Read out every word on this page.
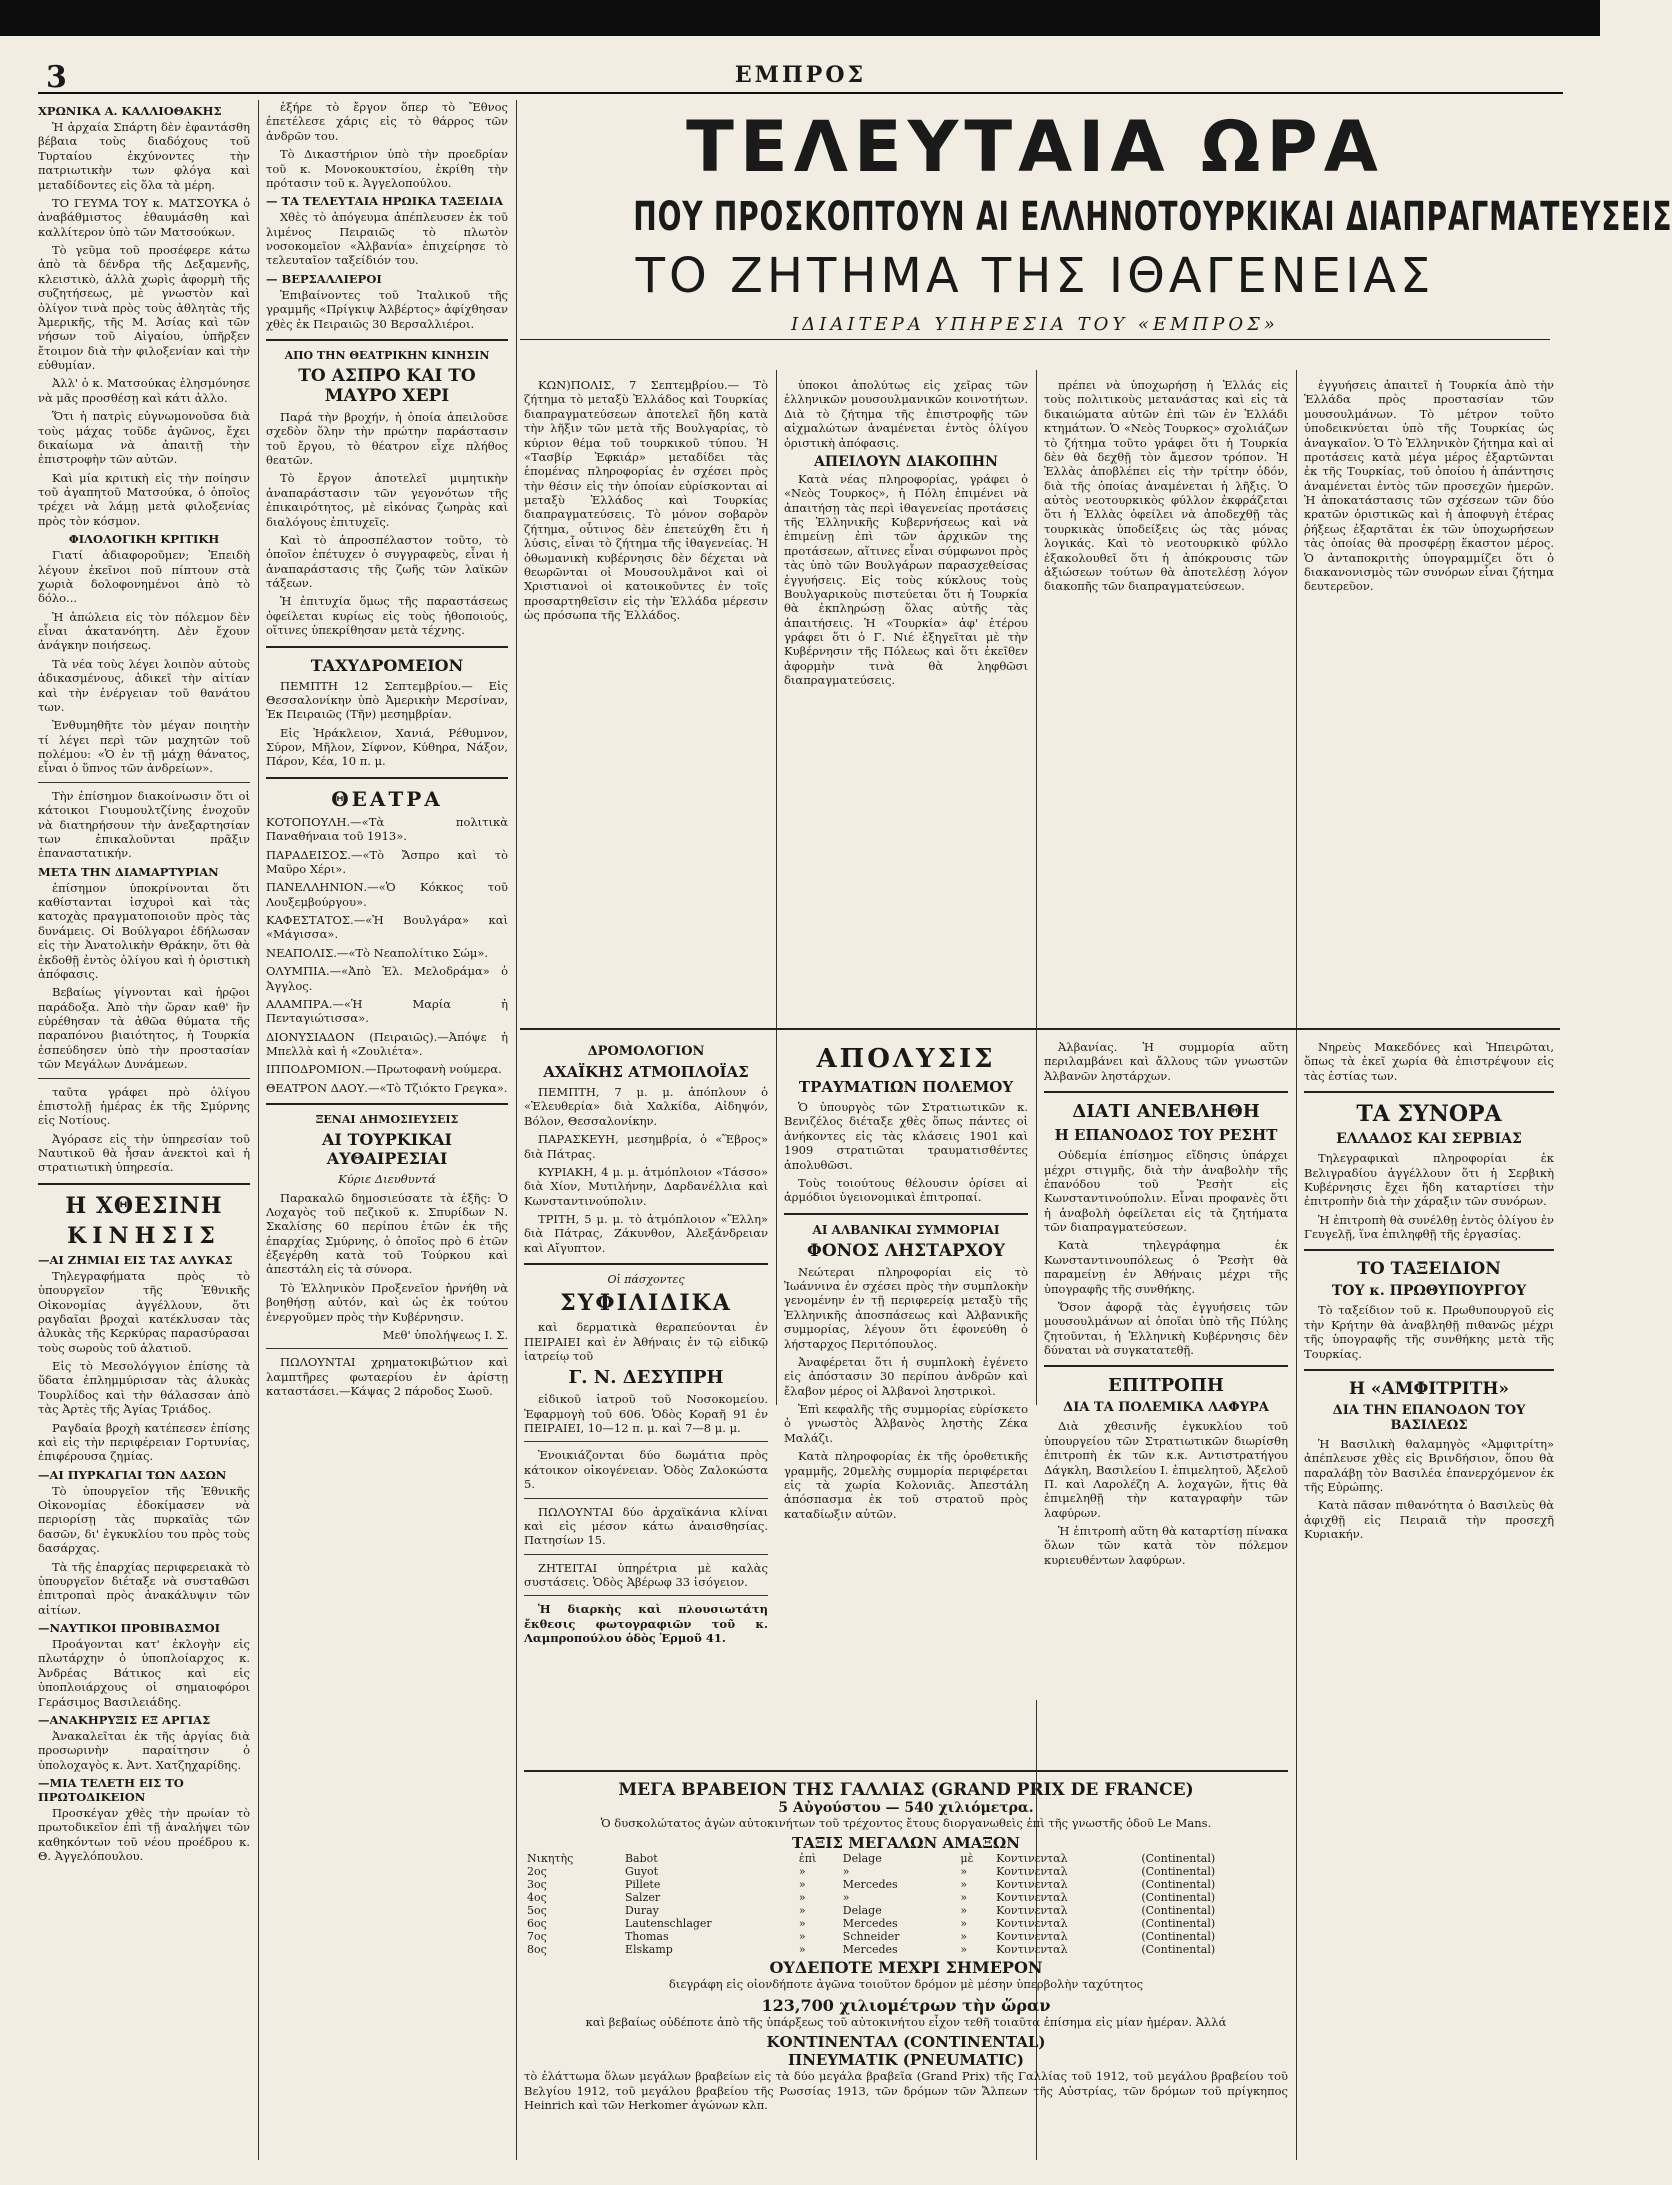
3	ΕΜΠΡΟΣ
ΧΡΩΝΙΚΑ Α. ΚΑΛΛΙΟΘΑΚΗΣ

Ἡ ἀρχαία Σπάρτη δὲν ἐφαντάσθη βέβαια τοὺς διαδόχους τοῦ Τυρταίου ἐκχύνοντες τὴν πατριωτικὴν των φλόγα καὶ μεταδίδοντες εἰς ὅλα τὰ μέρη.

ΤΟ ΓΕΥΜΑ ΤΟΥ κ. ΜΑΤΣΟΥΚΑ ὁ ἀναβάθμιστος ἐθαυμάσθη καὶ καλλίτερον ὑπὸ τῶν Ματσούκων.

Τὸ γεῦμα τοῦ προσέφερε κάτω ἀπὸ τὰ δένδρα τῆς Δεξαμενῆς, κλειστικὸ, ἀλλὰ χωρὶς ἀφορμὴ τῆς συζητήσεως, μὲ γνωστὸν καὶ ὀλίγον τινὰ πρὸς τοὺς ἀθλητὰς τῆς Ἀμερικῆς, τῆς Μ. Ἀσίας καὶ τῶν νήσων τοῦ Αἰγαίου, ὑπῆρξεν ἔτοιμον διὰ τὴν φιλοξενίαν καὶ τὴν εὐθυμίαν.

Ἀλλ' ὁ κ. Ματσούκας ἐλησμόνησε νὰ μᾶς προσθέσῃ καὶ κάτι ἀλλο.

Ὅτι ἡ πατρὶς εὐγνωμονοῦσα διὰ τοὺς μάχας τοῦδε ἀγῶνος, ἔχει δικαίωμα νὰ ἀπαιτῇ τὴν ἐπιστροφὴν τῶν αὐτῶν.

Καὶ μία κριτικὴ εἰς τὴν ποίησιν τοῦ ἀγαπητοῦ Ματσούκα, ὁ ὁποῖος τρέχει νὰ λάμῃ μετὰ φιλοξενίας πρὸς τὸν κόσμον.

ΦΙΛΟΛΟΓΙΚΗ ΚΡΙΤΙΚΗ

Γιατί ἀδιαφοροῦμεν; Ἐπειδὴ λέγουν ἐκεῖνοι ποῦ πίπτουν στὰ χωριὰ δολοφονημένοι ἀπὸ τὸ δόλο...

Ἡ ἀπώλεια εἰς τὸν πόλεμον δὲν εἶναι ἀκατανόητη. Δὲν ἔχουν ἀνάγκην ποιήσεως.

Τὰ νέα τοὺς λέγει λοιπὸν αὐτοὺς ἀδικασμένους, ἀδικεῖ τὴν αἰτίαν καὶ τὴν ἐνέργειαν τοῦ θανάτου των.

Ἐνθυμηθῆτε τὸν μέγαν ποιητὴν τί λέγει περὶ τῶν μαχητῶν τοῦ πολέμου: «Ὁ ἐν τῇ μάχῃ θάνατος, εἶναι ὁ ὕπνος τῶν ἀνδρείων».

Τὴν ἐπίσημον διακοίνωσιν ὅτι οἱ κάτοικοι Γιουμουλτζίνης ἐνοχοῦν νὰ διατηρήσουν τὴν ἀνεξαρτησίαν των ἐπικαλοῦνται πρᾶξιν ἐπαναστατικήν.

ΜΕΤΑ ΤΗΝ ΔΙΑΜΑΡΤΥΡΙΑΝ

ἐπίσημον ὑποκρίνονται ὅτι καθίστανται ἰσχυροὶ καὶ τὰς κατοχὰς πραγματοποιοῦν πρὸς τὰς δυνάμεις. Οἱ Βούλγαροι ἐδήλωσαν εἰς τὴν Ἀνατολικὴν Θράκην, ὅτι θὰ ἐκδοθῇ ἐντὸς ὀλίγου καὶ ἡ ὁριστικὴ ἀπόφασις.

Βεβαίως γίγνονται καὶ ἡρῷοι παράδοξα. Ἀπὸ τὴν ὥραν καθ' ἣν εὑρέθησαν τὰ ἀθῶα θύματα τῆς παραπόνου βιαιότητος, ἡ Τουρκία ἐσπεύδησεν ὑπὸ τὴν προστασίαν τῶν Μεγάλων Δυνάμεων.

ταῦτα γράφει πρὸ ὀλίγου ἐπιστολῇ ἡμέρας ἐκ τῆς Σμύρνης εἰς Νοτίους.

Ἀγόρασε εἰς τὴν ὑπηρεσίαν τοῦ Ναυτικοῦ θὰ ἦσαν ἀνεκτοὶ καὶ ἡ στρατιωτικὴ ὑπηρεσία.

Η ΧΘΕΣΙΝΗ
ΚΙΝΗΣΙΣ
—ΑΙ ΖΗΜΙΑΙ ΕΙΣ ΤΑΣ ΑΛΥΚΑΣ

Τηλεγραφήματα πρὸς τὸ ὑπουργεῖον τῆς Ἐθνικῆς Οἰκονομίας ἀγγέλλουν, ὅτι ραγδαῖαι βροχαὶ κατέκλυσαν τὰς ἀλυκὰς τῆς Κερκύρας παρασύρασαι τοὺς σωροὺς τοῦ ἁλατιοῦ.

Εἰς τὸ Μεσολόγγιον ἐπίσης τὰ ὕδατα ἐπλημμύρισαν τὰς ἀλυκὰς Τουρλίδος καὶ τὴν θάλασσαν ἀπὸ τὰς Ἀρτὲς τῆς Ἀγίας Τριάδος.

Ραγδαία βροχὴ κατέπεσεν ἐπίσης καὶ εἰς τὴν περιφέρειαν Γορτυνίας, ἐπιφέρουσα ζημίας.

—ΑΙ ΠΥΡΚΑΓΙΑΙ ΤΩΝ ΔΑΣΩΝ

Τὸ ὑπουργεῖον τῆς Ἐθνικῆς Οἰκονομίας ἐδοκίμασεν νὰ περιορίσῃ τὰς πυρκαϊὰς τῶν δασῶν, δι' ἐγκυκλίου του πρὸς τοὺς δασάρχας.

Τὰ τῆς ἐπαρχίας περιφερειακὰ τὸ ὑπουργεῖον διέταξε νὰ συσταθῶσι ἐπιτροπαὶ πρὸς ἀνακάλυψιν τῶν αἰτίων.

—ΝΑΥΤΙΚΟΙ ΠΡΟΒΙΒΑΣΜΟΙ

Προάγονται κατ' ἐκλογὴν εἰς πλωτάρχην ὁ ὑποπλοίαρχος κ. Ἀνδρέας Βάτικος καὶ εἰς ὑποπλοιάρχους οἱ σημαιοφόροι Γεράσιμος Βασιλειάδης.

—ΑΝΑΚΗΡΥΞΙΣ ΕΞ ΑΡΓΙΑΣ

Ἀνακαλεῖται ἐκ τῆς ἀργίας διὰ προσωρινὴν παραίτησιν ὁ ὑπολοχαγὸς κ. Ἀντ. Χατζηχαρίδης.

—ΜΙΑ ΤΕΛΕΤΗ ΕΙΣ ΤΟ ΠΡΩΤΟΔΙΚΕΙΟΝ

Προσκέγαν χθὲς τὴν πρωίαν τὸ πρωτοδικεῖον ἐπὶ τῇ ἀναλήψει τῶν καθηκόντων τοῦ νέου προέδρου κ. Θ. Ἀγγελόπουλου.

ἐξήρε τὸ ἔργον ὅπερ τὸ Ἔθνος ἐπετέλεσε χάρις εἰς τὸ θάρρος τῶν ἀνδρῶν του.

Τὸ Δικαστήριον ὑπὸ τὴν προεδρίαν τοῦ κ. Μονοκουκτσίου, ἐκρίθη τὴν πρότασιν τοῦ κ. Ἀγγελοπούλου.

— ΤΑ ΤΕΛΕΥΤΑΙΑ ΗΡΩΙΚΑ ΤΑΞΕΙΔΙΑ

Χθὲς τὸ ἀπόγευμα ἀπέπλευσεν ἐκ τοῦ λιμένος Πειραιῶς τὸ πλωτὸν νοσοκομεῖον «Ἀλβανία» ἐπιχείρησε τὸ τελευταῖον ταξείδιόν του.

— ΒΕΡΣΑΛΛΙΕΡΟΙ

Ἐπιβαίνοντες τοῦ Ἰταλικοῦ τῆς γραμμῆς «Πρίγκιψ Ἀλβέρτος» ἀφίχθησαν χθὲς ἐκ Πειραιῶς 30 Βερσαλλιέροι.

ΑΠΟ ΤΗΝ ΘΕΑΤΡΙΚΗΝ ΚΙΝΗΣΙΝ
ΤΟ ΑΣΠΡΟ ΚΑΙ ΤΟ ΜΑΥΡΟ ΧΕΡΙ

Παρά τὴν βροχήν, ἡ ὁποία ἀπειλοῦσε σχεδὸν ὅλην τὴν πρώτην παράστασιν τοῦ ἔργου, τὸ θέατρον εἶχε πλήθος θεατῶν.

Τὸ ἔργον ἀποτελεῖ μιμητικὴν ἀναπαράστασιν τῶν γεγονότων τῆς ἐπικαιρότητος, μὲ εἰκόνας ζωηρὰς καὶ διαλόγους ἐπιτυχεῖς.

Καὶ τὸ ἀπροσπέλαστον τοῦτο, τὸ ὁποῖον ἐπέτυχεν ὁ συγγραφεὺς, εἶναι ἡ ἀναπαράστασις τῆς ζωῆς τῶν λαϊκῶν τάξεων.

Ἡ ἐπιτυχία ὅμως τῆς παραστάσεως ὀφείλεται κυρίως εἰς τοὺς ἠθοποιούς, οἵτινες ὑπεκρίθησαν μετὰ τέχνης.

ΤΑΧΥΔΡΟΜΕΙΟΝ

ΠΕΜΠΤΗ 12 Σεπτεμβρίου.— Εἰς Θεσσαλονίκην ὑπὸ Ἀμερικὴν Μερσίναν, Ἐκ Πειραιῶς (Τῆν) μεσημβρίαν.

Εἰς Ἡράκλειον, Χανιά, Ρέθυμνον, Σύρον, Μῆλον, Σίφνον, Κύθηρα, Νάξον, Πάρον, Κέα, 10 π. μ.

ΘΕΑΤΡΑ

ΚΟΤΟΠΟΥΛΗ.—«Τὰ πολιτικὰ Παναθήναια τοῦ 1913».

ΠΑΡΑΔΕΙΣΟΣ.—«Τὸ Ἄσπρο καὶ τὸ Μαῦρο Χέρι».

ΠΑΝΕΛΛΗΝΙΟΝ.—«Ὁ Κόκκος τοῦ Λουξεμβούργου».

ΚΑΦΕΣΤΑΤΟΣ.—«Ἡ Βουλγάρα» καὶ «Μάγισσα».

ΝΕΑΠΟΛΙΣ.—«Τὸ Νεαπολίτικο Σώμ».

ΟΛΥΜΠΙΑ.—«Ἀπὸ Ἑλ. Μελοδράμα» ὁ Ἀγγλος.

ΑΛΑΜΠΡΑ.—«Ἡ Μαρία ἡ Πενταγιώτισσα».

ΔΙΟΝΥΣΙΑΔΟΝ (Πειραιῶς).—Ἀπόψε ἡ Μπελλὰ καὶ ἡ «Ζουλιέτα».

ΙΠΠΟΔΡΟΜΙΟΝ.—Πρωτοφανὴ νούμερα.

ΘΕΑΤΡΟΝ ΔΑΟΥ.—«Τὸ Τζιόκτο Γρεγκα».

ΞΕΝΑΙ ΔΗΜΟΣΙΕΥΣΕΙΣ
ΑΙ ΤΟΥΡΚΙΚΑΙ ΑΥΘΑΙΡΕΣΙΑΙ

Κύριε Διευθυντά

Παρακαλῶ δημοσιεύσατε τὰ ἑξῆς: Ὁ Λοχαγὸς τοῦ πεζικοῦ κ. Σπυρίδων Ν. Σκαλίσης 60 περίπου ἐτῶν ἐκ τῆς ἐπαρχίας Σμύρνης, ὁ ὁποῖος πρὸ 6 ἐτῶν ἐξεγέρθη κατὰ τοῦ Τούρκου καὶ ἀπεστάλη εἰς τὰ σύνορα.

Τὸ Ἑλληνικὸν Προξενεῖον ἠρνήθη νὰ βοηθήσῃ αὐτόν, καὶ ὡς ἐκ τούτου ἐνεργοῦμεν πρὸς τὴν Κυβέρνησιν.

Μεθ' ὑπολήψεως Ι. Σ.

ΠΩΛΟΥΝΤΑΙ χρηματοκιβώτιον καὶ λαμπτῆρες φωταερίου ἐν ἀρίστῃ καταστάσει.—Κάψας 2 πάροδος Σωοῦ.

ΤΕΛΕΥΤΑΙΑ ΩΡΑ
ΠΟΥ ΠΡΟΣΚΟΠΤΟΥΝ ΑΙ ΕΛΛΗΝΟΤΟΥΡΚΙΚΑΙ ΔΙΑΠΡΑΓΜΑΤΕΥΣΕΙΣ
ΤΟ ΖΗΤΗΜΑ ΤΗΣ ΙΘΑΓΕΝΕΙΑΣ
ΙΔΙΑΙΤΕΡΑ ΥΠΗΡΕΣΙΑ ΤΟΥ «ΕΜΠΡΟΣ»

ΚΩΝ)ΠΟΛΙΣ, 7 Σεπτεμβρίου.— Τὸ ζήτημα τὸ μεταξὺ Ἑλλάδος καὶ Τουρκίας διαπραγματεύσεων ἀποτελεῖ ἤδη κατὰ τὴν λῆξιν τῶν μετὰ τῆς Βουλγαρίας, τὸ κύριον θέμα τοῦ τουρκικοῦ τύπου. Ἡ «Τασβίρ Ἐφκιάρ» μεταδίδει τὰς ἑπομένας πληροφορίας ἐν σχέσει πρὸς τὴν θέσιν εἰς τὴν ὁποίαν εὑρίσκονται αἱ μεταξὺ Ἑλλάδος καὶ Τουρκίας διαπραγματεύσεις. Τὸ μόνον σοβαρὸν ζήτημα, οὗτινος δὲν ἐπετεύχθη ἔτι ἡ λύσις, εἶναι τὸ ζήτημα τῆς ἰθαγενείας. Ἡ ὀθωμανικὴ κυβέρνησις δὲν δέχεται νὰ θεωρῶνται οἱ Μουσουλμᾶνοι καὶ οἱ Χριστιανοὶ οἱ κατοικοῦντες ἐν τοῖς προσαρτηθεῖσιν εἰς τὴν Ἑλλάδα μέρεσιν ὡς πρόσωπα τῆς Ἑλλάδος.

ὑποκοι ἀπολύτως εἰς χεῖρας τῶν ἑλληνικῶν μουσουλμανικῶν κοινοτήτων. Διὰ τὸ ζήτημα τῆς ἐπιστροφῆς τῶν αἰχμαλώτων ἀναμένεται ἐντὸς ὀλίγου ὁριστικὴ ἀπόφασις.

ΑΠΕΙΛΟΥΝ ΔΙΑΚΟΠΗΝ

Κατὰ νέας πληροφορίας, γράφει ὁ «Νεὸς Τουρκος», ἡ Πόλη ἐπιμένει νὰ ἀπαιτήσῃ τὰς περὶ ἰθαγενείας προτάσεις τῆς Ἑλληνικῆς Κυβερνήσεως καὶ νὰ ἐπιμείνῃ ἐπὶ τῶν ἀρχικῶν της προτάσεων, αἵτινες εἶναι σύμφωνοι πρὸς τὰς ὑπὸ τῶν Βουλγάρων παρασχεθείσας ἐγγυήσεις. Εἰς τοὺς κύκλους τοὺς Βουλγαρικοὺς πιστεύεται ὅτι ἡ Τουρκία θὰ ἐκπληρώσῃ ὅλας αὐτῆς τὰς ἀπαιτήσεις. Ἡ «Τουρκία» ἀφ' ἑτέρου γράφει ὅτι ὁ Γ. Νιέ ἐξηγεῖται μὲ τὴν Κυβέρνησιν τῆς Πόλεως καὶ ὅτι ἐκεῖθεν ἀφορμὴν τινὰ θὰ ληφθῶσι διαπραγματεύσεις.

πρέπει νὰ ὑποχωρήσῃ ἡ Ἑλλάς εἰς τοὺς πολιτικοὺς μετανάστας καὶ εἰς τὰ δικαιώματα αὐτῶν ἐπὶ τῶν ἐν Ἑλλάδι κτημάτων. Ὁ «Νεὸς Τουρκος» σχολιάζων τὸ ζήτημα τοῦτο γράφει ὅτι ἡ Τουρκία δὲν θὰ δεχθῇ τὸν ἄμεσον τρόπον. Ἡ Ἑλλὰς ἀποβλέπει εἰς τὴν τρίτην ὁδόν, διὰ τῆς ὁποίας ἀναμένεται ἡ λῆξις. Ὁ αὐτὸς νεοτουρκικὸς φύλλον ἐκφράζεται ὅτι ἡ Ἑλλὰς ὀφείλει νὰ ἀποδεχθῇ τὰς τουρκικὰς ὑποδείξεις ὡς τὰς μόνας λογικάς. Καὶ τὸ νεοτουρκικὸ φύλλο ἐξακολουθεῖ ὅτι ἡ ἀπόκρουσις τῶν ἀξιώσεων τούτων θὰ ἀποτελέσῃ λόγον διακοπῆς τῶν διαπραγματεύσεων.

ἐγγυήσεις ἀπαιτεῖ ἡ Τουρκία ἀπὸ τὴν Ἑλλάδα πρὸς προστασίαν τῶν μουσουλμάνων. Τὸ μέτρον τοῦτο ὑποδεικνύεται ὑπὸ τῆς Τουρκίας ὡς ἀναγκαῖον. Ὁ Τὸ Ἑλληνικὸν ζήτημα καὶ αἱ προτάσεις κατὰ μέγα μέρος ἐξαρτῶνται ἐκ τῆς Τουρκίας, τοῦ ὁποίου ἡ ἀπάντησις ἀναμένεται ἐντὸς τῶν προσεχῶν ἡμερῶν. Ἡ ἀποκατάστασις τῶν σχέσεων τῶν δύο κρατῶν ὁριστικῶς καὶ ἡ ἀποφυγὴ ἑτέρας ῥήξεως ἐξαρτᾶται ἐκ τῶν ὑποχωρήσεων τὰς ὁποίας θὰ προσφέρῃ ἕκαστον μέρος. Ὁ ἀνταποκριτὴς ὑπογραμμίζει ὅτι ὁ διακανονισμὸς τῶν συνόρων εἶναι ζήτημα δευτερεῦον.

ΔΡΟΜΟΛΟΓΙΟΝ
ΑΧΑΪΚΗΣ ΑΤΜΟΠΛΟΪΑΣ

ΠΕΜΠΤΗ, 7 μ. μ. ἀπόπλουν ὁ «Ἐλευθερία» διὰ Χαλκίδα, Αἰδηψόν, Βόλον, Θεσσαλονίκην.

ΠΑΡΑΣΚΕΥΗ, μεσημβρία, ὁ «Ἕβρος» διὰ Πάτρας.

ΚΥΡΙΑΚΗ, 4 μ. μ. ἀτμόπλοιον «Τάσσο» διὰ Χίον, Μυτιλήνην, Δαρδανέλλια καὶ Κωνσταντινούπολιν.

ΤΡΙΤΗ, 5 μ. μ. τὸ ἀτμόπλοιον «Ἕλλη» διὰ Πάτρας, Ζάκυνθον, Ἀλεξάνδρειαν καὶ Αἴγυπτον.

Οἱ πάσχοντες
ΣΥΦΙΛΙΔΙΚΑ

καὶ δερματικὰ θεραπεύονται ἐν ΠΕΙΡΑΙΕΙ καὶ ἐν Ἀθήναις ἐν τῷ εἰδικῷ ἰατρείῳ τοῦ

Γ. Ν. ΔΕΣΥΠΡΗ

εἰδικοῦ ἰατροῦ τοῦ Νοσοκομείου. Ἐφαρμογὴ τοῦ 606. Ὁδὸς Κοραῆ 91 ἐν ΠΕΙΡΑΙΕΙ, 10—12 π. μ. καὶ 7—8 μ. μ.

Ἐνοικιάζονται δύο δωμάτια πρὸς κάτοικον οἰκογένειαν. Ὁδὸς Ζαλοκώστα 5.

ΠΩΛΟΥΝΤΑΙ δύο ἀρχαϊκάνια κλίναι καὶ εἰς μέσον κάτω ἀναισθησίας. Πατησίων 15.

ΖΗΤΕΙΤΑΙ ὑπηρέτρια μὲ καλὰς συστάσεις. Ὁδὸς Ἀβέρωφ 33 ἰσόγειον.

Ἡ διαρκὴς καὶ πλουσιωτάτη ἔκθεσις φωτογραφιῶν τοῦ κ. Λαμπροπούλου ὁδὸς Ἑρμοῦ 41.

ΑΠΟΛΥΣΙΣ
ΤΡΑΥΜΑΤΙΩΝ ΠΟΛΕΜΟΥ

Ὁ ὑπουργὸς τῶν Στρατιωτικῶν κ. Βενιζέλος διέταξε χθὲς ὅπως πάντες οἱ ἀνήκοντες εἰς τὰς κλάσεις 1901 καὶ 1909 στρατιῶται τραυματισθέντες ἀπολυθῶσι.

Τοὺς τοιούτους θέλουσιν ὁρίσει αἱ ἁρμόδιοι ὑγειονομικαὶ ἐπιτροπαί.

ΑΙ ΑΛΒΑΝΙΚΑΙ ΣΥΜΜΟΡΙΑΙ
ΦΟΝΟΣ ΛΗΣΤΑΡΧΟΥ

Νεώτεραι πληροφορίαι εἰς τὸ Ἰωάννινα ἐν σχέσει πρὸς τὴν συμπλοκὴν γενομένην ἐν τῇ περιφερείᾳ μεταξὺ τῆς Ἑλληνικῆς ἀποσπάσεως καὶ Ἀλβανικῆς συμμορίας, λέγουν ὅτι ἐφονεύθη ὁ λήσταρχος Περιτόπουλος.

Ἀναφέρεται ὅτι ἡ συμπλοκὴ ἐγένετο εἰς ἀπόστασιν 30 περίπου ἀνδρῶν καὶ ἔλαβον μέρος οἱ Ἀλβανοὶ ληστρικοὶ.

Ἐπὶ κεφαλῆς τῆς συμμορίας εὑρίσκετο ὁ γνωστὸς Ἀλβανὸς ληστὴς Ζέκα Μαλάζι.

Κατὰ πληροφορίας ἐκ τῆς ὁροθετικῆς γραμμῆς, 20μελὴς συμμορία περιφέρεται εἰς τὰ χωρία Κολονιᾶς. Ἀπεστάλη ἀπόσπασμα ἐκ τοῦ στρατοῦ πρὸς καταδίωξιν αὐτῶν.

Ἀλβανίας. Ἡ συμμορία αὕτη περιλαμβάνει καὶ ἄλλους τῶν γνωστῶν Ἀλβανῶν ληστάρχων.

ΔΙΑΤΙ ΑΝΕΒΛΗΘΗ
Η ΕΠΑΝΟΔΟΣ ΤΟΥ ΡΕΣΗΤ

Οὐδεμία ἐπίσημος εἴδησις ὑπάρχει μέχρι στιγμῆς, διὰ τὴν ἀναβολὴν τῆς ἐπανόδου τοῦ Ῥεσὴτ εἰς Κωνσταντινούπολιν. Εἶναι προφανὲς ὅτι ἡ ἀναβολὴ ὀφείλεται εἰς τὰ ζητήματα τῶν διαπραγματεύσεων.

Κατὰ τηλεγράφημα ἐκ Κωνσταντινουπόλεως ὁ Ῥεσὴτ θὰ παραμείνῃ ἐν Ἀθήναις μέχρι τῆς ὑπογραφῆς τῆς συνθήκης.

Ὅσον ἀφορᾷ τὰς ἐγγυήσεις τῶν μουσουλμάνων αἱ ὁποῖαι ὑπὸ τῆς Πύλης ζητοῦνται, ἡ Ἑλληνικὴ Κυβέρνησις δὲν δύναται νὰ συγκατατεθῇ.

ΕΠΙΤΡΟΠΗ
ΔΙΑ ΤΑ ΠΟΛΕΜΙΚΑ ΛΑΦΥΡΑ

Διὰ χθεσινῆς ἐγκυκλίου τοῦ ὑπουργείου τῶν Στρατιωτικῶν διωρίσθη ἐπιτροπὴ ἐκ τῶν κ.κ. Αντιστρατήγου Δάγκλη, Βασιλείου Ι. ἐπιμελητοῦ, Ἀξελοῦ Π. καὶ Λαρολέζη Α. λοχαγῶν, ἥτις θὰ ἐπιμεληθῇ τὴν καταγραφὴν τῶν λαφύρων.

Ἡ ἐπιτροπὴ αὕτη θὰ καταρτίσῃ πίνακα ὅλων τῶν κατὰ τὸν πόλεμον κυριευθέντων λαφύρων.

Νηρεὺς Μακεδόνες καὶ Ἠπειρῶται, ὅπως τὰ ἐκεῖ χωρία θὰ ἐπιστρέψουν εἰς τὰς ἑστίας των.

ΤΑ ΣΥΝΟΡΑ
ΕΛΛΑΔΟΣ ΚΑΙ ΣΕΡΒΙΑΣ

Τηλεγραφικαὶ πληροφορίαι ἐκ Βελιγραδίου ἀγγέλλουν ὅτι ἡ Σερβικὴ Κυβέρνησις ἔχει ἤδη καταρτίσει τὴν ἐπιτροπὴν διὰ τὴν χάραξιν τῶν συνόρων.

Ἡ ἐπιτροπὴ θὰ συνέλθῃ ἐντὸς ὀλίγου ἐν Γευγελῇ, ἵνα ἐπιληφθῇ τῆς ἐργασίας.

ΤΟ ΤΑΞΕΙΔΙΟΝ
ΤΟΥ κ. ΠΡΩΘΥΠΟΥΡΓΟΥ

Τὸ ταξείδιον τοῦ κ. Πρωθυπουργοῦ εἰς τὴν Κρήτην θὰ ἀναβληθῇ πιθανῶς μέχρι τῆς ὑπογραφῆς τῆς συνθήκης μετὰ τῆς Τουρκίας.

Η «ΑΜΦΙΤΡΙΤΗ»
ΔΙΑ ΤΗΝ ΕΠΑΝΟΔΟΝ ΤΟΥ ΒΑΣΙΛΕΩΣ

Ἡ Βασιλικὴ θαλαμηγὸς «Ἀμφιτρίτη» ἀπέπλευσε χθὲς εἰς Βρινδήσιον, ὅπου θὰ παραλάβῃ τὸν Βασιλέα ἐπανερχόμενον ἐκ τῆς Εὐρώπης.

Κατὰ πᾶσαν πιθανότητα ὁ Βασιλεὺς θὰ ἀφιχθῇ εἰς Πειραιᾶ τὴν προσεχῆ Κυριακήν.

ΜΕΓΑ ΒΡΑΒΕΙΟΝ ΤΗΣ ΓΑΛΛΙΑΣ (GRAND PRIX DE FRANCE)
5 Αὐγούστου — 540 χιλιόμετρα.

Ὁ δυσκολώτατος ἀγὼν αὐτοκινήτων τοῦ τρέχοντος ἔτους διοργανωθεὶς ἐπὶ τῆς γνωστῆς ὁδοῦ Le Mans.

ΤΑΞΙΣ ΜΕΓΑΛΩΝ ΑΜΑΞΩΝ
Νικητὴς	Babot	ἐπὶ	Delage	μὲ	Κοντινενταλ	(Continental)
2ος	Guyot	»	»	»	Κοντινενταλ	(Continental)
3ος	Pillete	»	Mercedes	»	Κοντινενταλ	(Continental)
4ος	Salzer	»	»	»	Κοντινενταλ	(Continental)
5ος	Duray	»	Delage	»	Κοντινενταλ	(Continental)
6ος	Lautenschlager	»	Mercedes	»	Κοντινενταλ	(Continental)
7ος	Thomas	»	Schneider	»	Κοντινενταλ	(Continental)
8ος	Elskamp	»	Mercedes	»	Κοντινενταλ	(Continental)
ΟΥΔΕΠΟΤΕ ΜΕΧΡΙ ΣΗΜΕΡΟΝ

διεγράφη εἰς οἱονδήποτε ἀγῶνα τοιοῦτον δρόμον μὲ μέσην ὑπερβολὴν ταχύτητος

123,700 χιλιομέτρων τὴν ὥραν

καὶ βεβαίως οὐδέποτε ἀπὸ τῆς ὑπάρξεως τοῦ αὐτοκινήτου εἶχον τεθῆ τοιαῦτα ἐπίσημα εἰς μίαν ἡμέραν. Ἀλλά

ΚΟΝΤΙΝΕΝΤΑΛ (CONTINENTAL)
ΠΝΕΥΜΑΤΙΚ (PNEUMATIC)

τὸ ἐλάττωμα ὅλων μεγάλων βραβείων εἰς τὰ δύο μεγάλα βραβεῖα (Grand Prix) τῆς Γαλλίας τοῦ 1912, τοῦ μεγάλου βραβείου τοῦ Βελγίου 1912, τοῦ μεγάλου βραβείου τῆς Ρωσσίας 1913, τῶν δρόμων τῶν Ἄλπεων τῆς Αὐστρίας, τῶν δρόμων τοῦ πρίγκηπος Heinrich καὶ τῶν Herkomer ἀγώνων κλπ.
